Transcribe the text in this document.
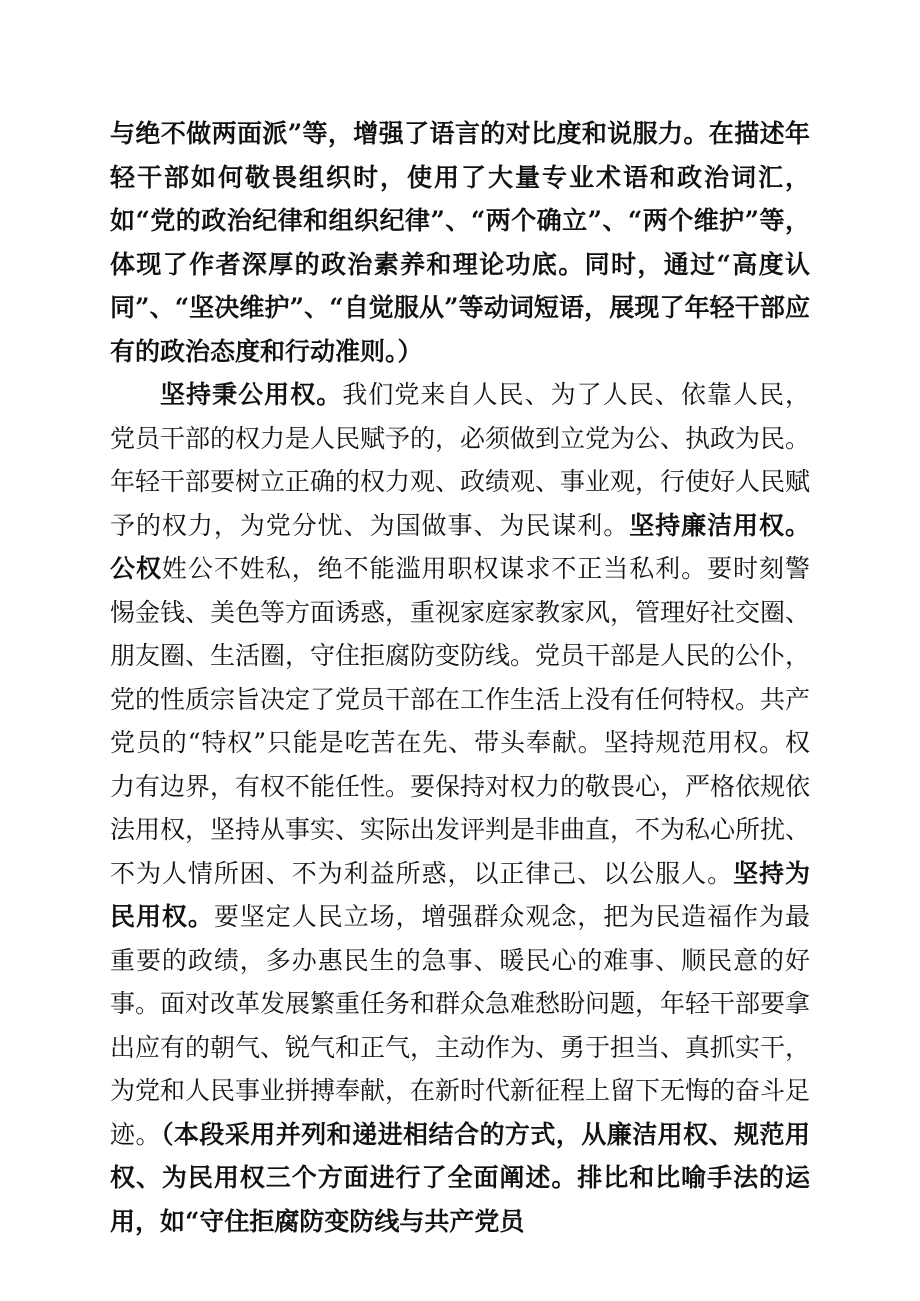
与绝不做两面派”等，增强了语言的对比度和说服力。在描述年轻干部如何敬畏组织时，使用了大量专业术语和政治词汇，如“党的政治纪律和组织纪律”、“两个确立”、“两个维护”等，体现了作者深厚的政治素养和理论功底。同时，通过“高度认同”、“坚决维护”、“自觉服从”等动词短语，展现了年轻干部应有的政治态度和行动准则。）

坚持秉公用权。我们党来自人民、为了人民、依靠人民，党员干部的权力是人民赋予的，必须做到立党为公、执政为民。年轻干部要树立正确的权力观、政绩观、事业观，行使好人民赋予的权力，为党分忧、为国做事、为民谋利。坚持廉洁用权。公权姓公不姓私，绝不能滥用职权谋求不正当私利。要时刻警惕金钱、美色等方面诱惑，重视家庭家教家风，管理好社交圈、朋友圈、生活圈，守住拒腐防变防线。党员干部是人民的公仆，党的性质宗旨决定了党员干部在工作生活上没有任何特权。共产党员的“特权”只能是吃苦在先、带头奉献。坚持规范用权。权力有边界，有权不能任性。要保持对权力的敬畏心，严格依规依法用权，坚持从事实、实际出发评判是非曲直，不为私心所扰、不为人情所困、不为利益所惑，以正律己、以公服人。坚持为民用权。要坚定人民立场，增强群众观念，把为民造福作为最重要的政绩，多办惠民生的急事、暖民心的难事、顺民意的好事。面对改革发展繁重任务和群众急难愁盼问题，年轻干部要拿出应有的朝气、锐气和正气，主动作为、勇于担当、真抓实干，为党和人民事业拼搏奉献，在新时代新征程上留下无悔的奋斗足迹。（本段采用并列和递进相结合的方式，从廉洁用权、规范用权、为民用权三个方面进行了全面阐述。排比和比喻手法的运用，如“守住拒腐防变防线与共产党员
